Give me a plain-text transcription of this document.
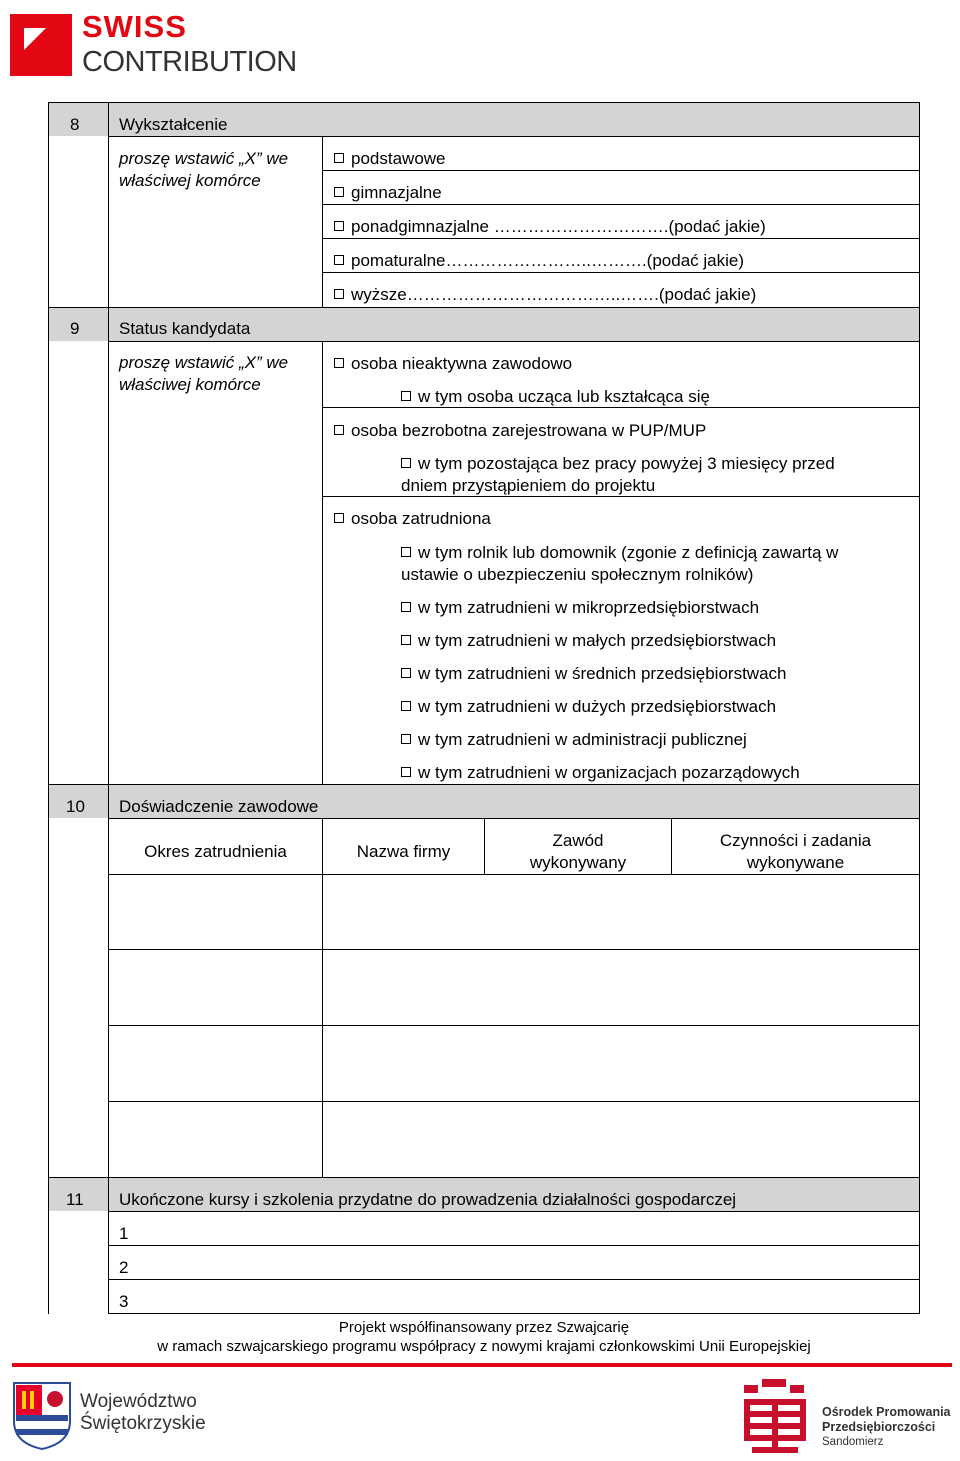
SWISS
CONTRIBUTION
8 Wykształcenie
proszę wstawić „X” we
właściwej komórce
podstawowe
gimnazjalne
ponadgimnazjalne ………………………….(podać jakie)
pomaturalne……………………..……….(podać jakie)
wyższe………………………………..…….(podać jakie)
9 Status kandydata
proszę wstawić „X” we
właściwej komórce
osoba nieaktywna zawodowo
w tym osoba ucząca lub kształcąca się
osoba bezrobotna zarejestrowana w PUP/MUP
w tym pozostająca bez pracy powyżej 3 miesięcy przed
dniem przystąpieniem do projektu
osoba zatrudniona
w tym rolnik lub domownik (zgonie z definicją zawartą w
ustawie o ubezpieczeniu społecznym rolników)
w tym zatrudnieni w mikroprzedsiębiorstwach
w tym zatrudnieni w małych przedsiębiorstwach
w tym zatrudnieni w średnich przedsiębiorstwach
w tym zatrudnieni w dużych przedsiębiorstwach
w tym zatrudnieni w administracji publicznej
w tym zatrudnieni w organizacjach pozarządowych
10 Doświadczenie zawodowe
Okres zatrudnienia	Nazwa firmy
Zawód
wykonywany
Czynności i zadania
wykonywane
11 Ukończone kursy i szkolenia przydatne do prowadzenia działalności gospodarczej
1
2
3
Projekt współfinansowany przez Szwajcarię
w ramach szwajcarskiego programu współpracy z nowymi krajami członkowskimi Unii Europejskiej
Województwo
Świętokrzyskie
Ośrodek Promowania
Przedsiębiorczości
Sandomierz
